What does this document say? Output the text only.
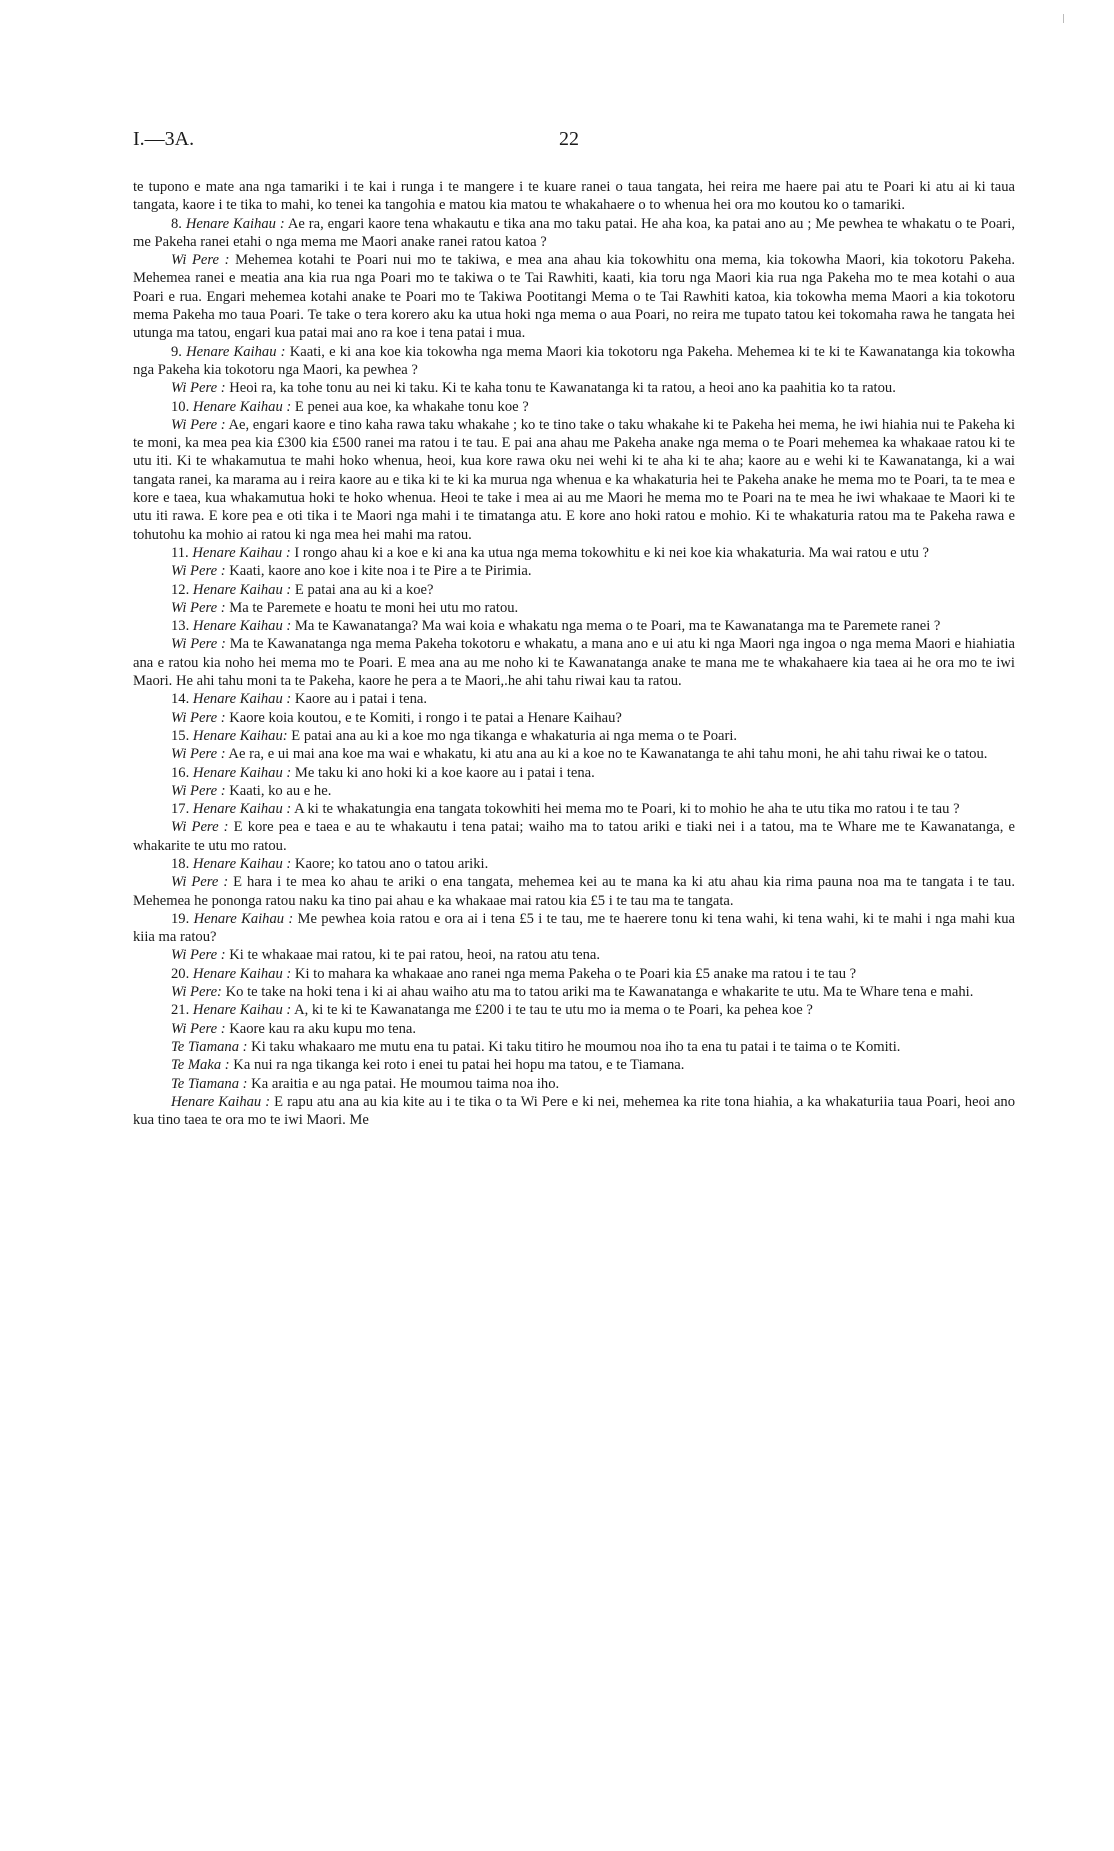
I.—3A.	22

te tupono e mate ana nga tamariki i te kai i runga i te mangere i te kuare ranei o taua tangata, hei reira me haere pai atu te Poari ki atu ai ki taua tangata, kaore i te tika to mahi, ko tenei ka tangohia e matou kia matou te whakahaere o to whenua hei ora mo koutou ko o tamariki.

8. Henare Kaihau : Ae ra, engari kaore tena whakautu e tika ana mo taku patai. He aha koa, ka patai ano au ; Me pewhea te whakatu o te Poari, me Pakeha ranei etahi o nga mema me Maori anake ranei ratou katoa ?

Wi Pere : Mehemea kotahi te Poari nui mo te takiwa, e mea ana ahau kia tokowhitu ona mema, kia tokowha Maori, kia tokotoru Pakeha. Mehemea ranei e meatia ana kia rua nga Poari mo te takiwa o te Tai Rawhiti, kaati, kia toru nga Maori kia rua nga Pakeha mo te mea kotahi o aua Poari e rua. Engari mehemea kotahi anake te Poari mo te Takiwa Pootitangi Mema o te Tai Rawhiti katoa, kia tokowha mema Maori a kia tokotoru mema Pakeha mo taua Poari. Te take o tera korero aku ka utua hoki nga mema o aua Poari, no reira me tupato tatou kei tokomaha rawa he tangata hei utunga ma tatou, engari kua patai mai ano ra koe i tena patai i mua.

9. Henare Kaihau : Kaati, e ki ana koe kia tokowha nga mema Maori kia tokotoru nga Pakeha. Mehemea ki te ki te Kawanatanga kia tokowha nga Pakeha kia tokotoru nga Maori, ka pewhea ?

Wi Pere : Heoi ra, ka tohe tonu au nei ki taku. Ki te kaha tonu te Kawanatanga ki ta ratou, a heoi ano ka paahitia ko ta ratou.

10. Henare Kaihau : E penei aua koe, ka whakahe tonu koe ?

Wi Pere : Ae, engari kaore e tino kaha rawa taku whakahe ; ko te tino take o taku whakahe ki te Pakeha hei mema, he iwi hiahia nui te Pakeha ki te moni, ka mea pea kia £300 kia £500 ranei ma ratou i te tau. E pai ana ahau me Pakeha anake nga mema o te Poari mehemea ka whakaae ratou ki te utu iti. Ki te whakamutua te mahi hoko whenua, heoi, kua kore rawa oku nei wehi ki te aha ki te aha; kaore au e wehi ki te Kawanatanga, ki a wai tangata ranei, ka marama au i reira kaore au e tika ki te ki ka murua nga whenua e ka whakaturia hei te Pakeha anake he mema mo te Poari, ta te mea e kore e taea, kua whakamutua hoki te hoko whenua. Heoi te take i mea ai au me Maori he mema mo te Poari na te mea he iwi whakaae te Maori ki te utu iti rawa. E kore pea e oti tika i te Maori nga mahi i te timatanga atu. E kore ano hoki ratou e mohio. Ki te whakaturia ratou ma te Pakeha rawa e tohutohu ka mohio ai ratou ki nga mea hei mahi ma ratou.

11. Henare Kaihau : I rongo ahau ki a koe e ki ana ka utua nga mema tokowhitu e ki nei koe kia whakaturia. Ma wai ratou e utu ?

Wi Pere : Kaati, kaore ano koe i kite noa i te Pire a te Pirimia.

12. Henare Kaihau : E patai ana au ki a koe?

Wi Pere : Ma te Paremete e hoatu te moni hei utu mo ratou.

13. Henare Kaihau : Ma te Kawanatanga? Ma wai koia e whakatu nga mema o te Poari, ma te Kawanatanga ma te Paremete ranei ?

Wi Pere : Ma te Kawanatanga nga mema Pakeha tokotoru e whakatu, a mana ano e ui atu ki nga Maori nga ingoa o nga mema Maori e hiahiatia ana e ratou kia noho hei mema mo te Poari. E mea ana au me noho ki te Kawanatanga anake te mana me te whakahaere kia taea ai he ora mo te iwi Maori. He ahi tahu moni ta te Pakeha, kaore he pera a te Maori,.he ahi tahu riwai kau ta ratou.

14. Henare Kaihau : Kaore au i patai i tena.

Wi Pere : Kaore koia koutou, e te Komiti, i rongo i te patai a Henare Kaihau?

15. Henare Kaihau: E patai ana au ki a koe mo nga tikanga e whakaturia ai nga mema o te Poari.

Wi Pere : Ae ra, e ui mai ana koe ma wai e whakatu, ki atu ana au ki a koe no te Kawanatanga te ahi tahu moni, he ahi tahu riwai ke o tatou.

16. Henare Kaihau : Me taku ki ano hoki ki a koe kaore au i patai i tena.

Wi Pere : Kaati, ko au e he.

17. Henare Kaihau : A ki te whakatungia ena tangata tokowhiti hei mema mo te Poari, ki to mohio he aha te utu tika mo ratou i te tau ?

Wi Pere : E kore pea e taea e au te whakautu i tena patai; waiho ma to tatou ariki e tiaki nei i a tatou, ma te Whare me te Kawanatanga, e whakarite te utu mo ratou.

18. Henare Kaihau : Kaore; ko tatou ano o tatou ariki.

Wi Pere : E hara i te mea ko ahau te ariki o ena tangata, mehemea kei au te mana ka ki atu ahau kia rima pauna noa ma te tangata i te tau. Mehemea he pononga ratou naku ka tino pai ahau e ka whakaae mai ratou kia £5 i te tau ma te tangata.

19. Henare Kaihau : Me pewhea koia ratou e ora ai i tena £5 i te tau, me te haerere tonu ki tena wahi, ki tena wahi, ki te mahi i nga mahi kua kiia ma ratou?

Wi Pere : Ki te whakaae mai ratou, ki te pai ratou, heoi, na ratou atu tena.

20. Henare Kaihau : Ki to mahara ka whakaae ano ranei nga mema Pakeha o te Poari kia £5 anake ma ratou i te tau ?

Wi Pere: Ko te take na hoki tena i ki ai ahau waiho atu ma to tatou ariki ma te Kawanatanga e whakarite te utu. Ma te Whare tena e mahi.

21. Henare Kaihau : A, ki te ki te Kawanatanga me £200 i te tau te utu mo ia mema o te Poari, ka pehea koe ?

Wi Pere : Kaore kau ra aku kupu mo tena.

Te Tiamana : Ki taku whakaaro me mutu ena tu patai. Ki taku titiro he moumou noa iho ta ena tu patai i te taima o te Komiti.

Te Maka : Ka nui ra nga tikanga kei roto i enei tu patai hei hopu ma tatou, e te Tiamana.

Te Tiamana : Ka araitia e au nga patai. He moumou taima noa iho.

Henare Kaihau : E rapu atu ana au kia kite au i te tika o ta Wi Pere e ki nei, mehemea ka rite tona hiahia, a ka whakaturiia taua Poari, heoi ano kua tino taea te ora mo te iwi Maori. Me
